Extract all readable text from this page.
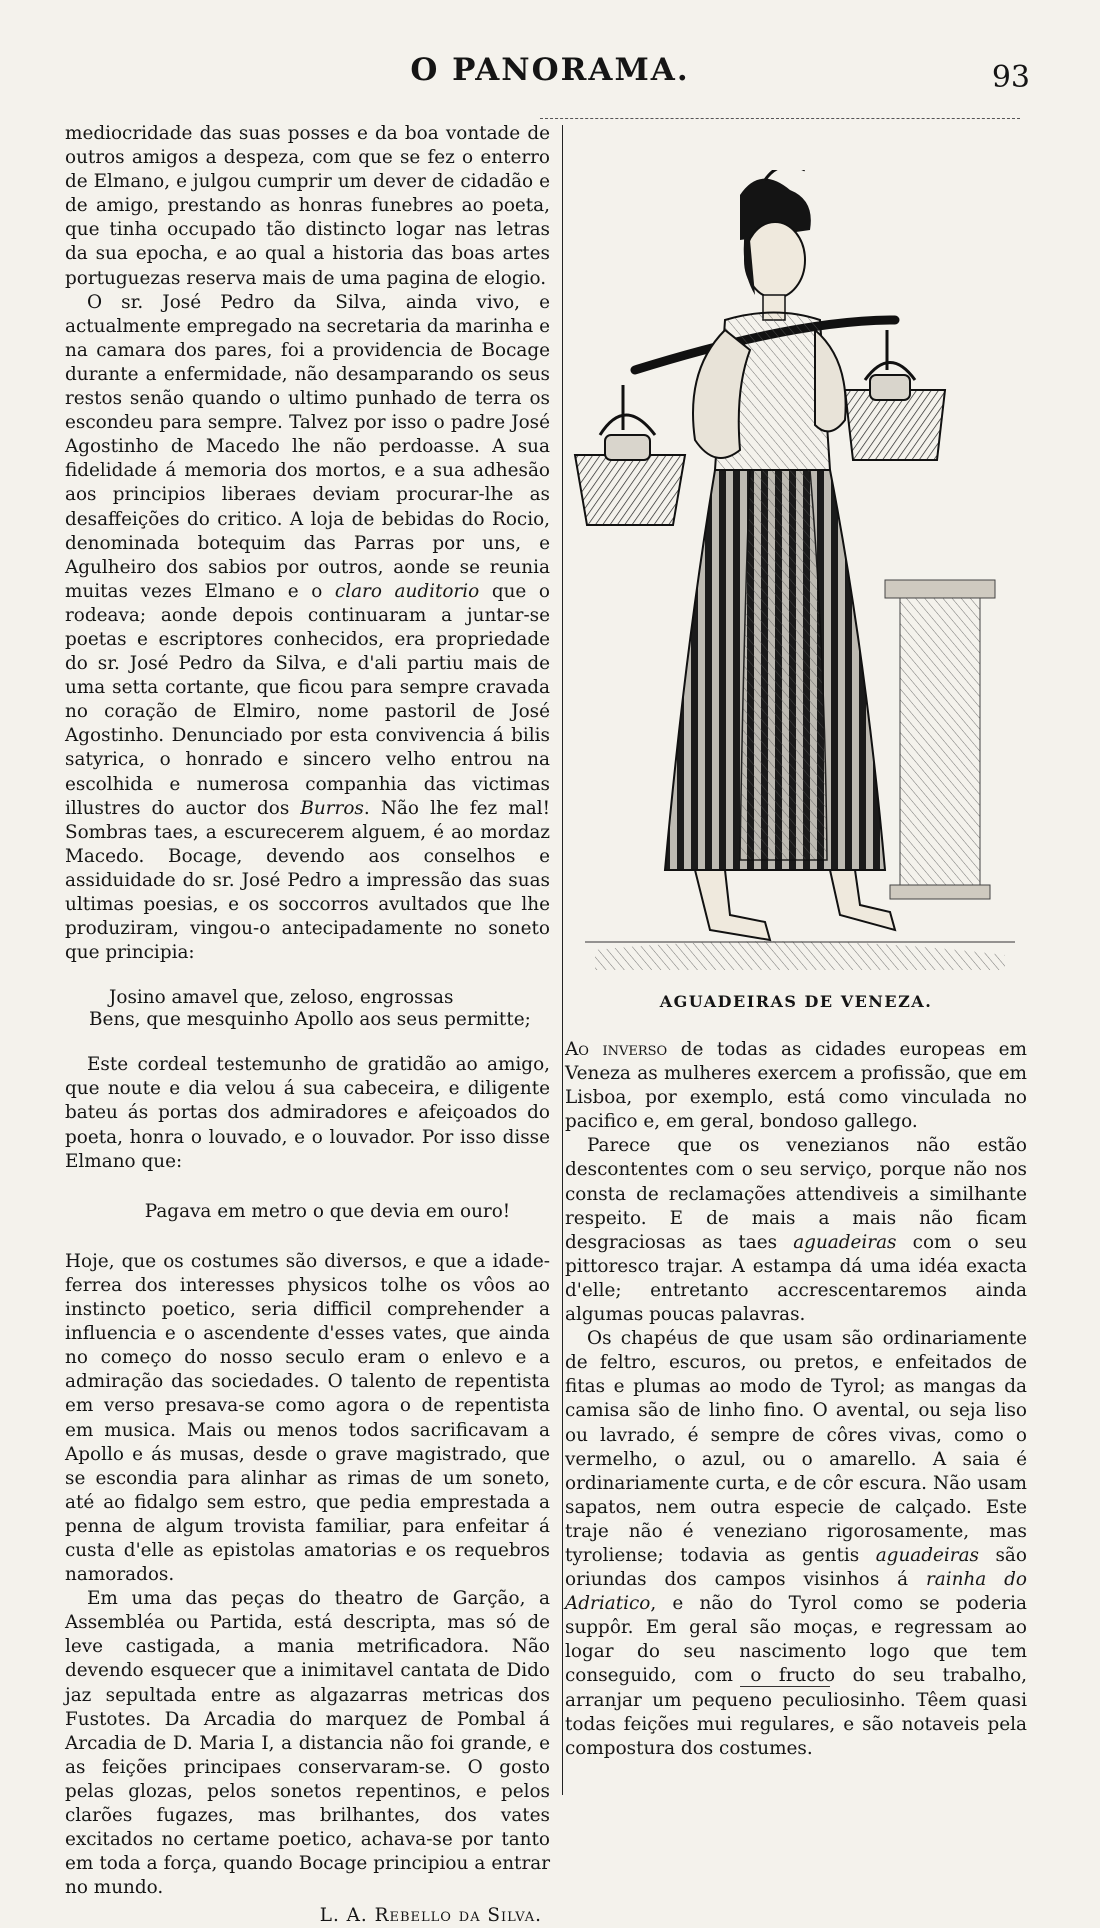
O PANORAMA.	93

mediocridade das suas posses e da boa vontade de outros amigos a despeza, com que se fez o enterro de Elmano, e julgou cumprir um dever de cidadão e de amigo, prestando as honras funebres ao poeta, que tinha occupado tão distincto logar nas letras da sua epocha, e ao qual a historia das boas artes portuguezas reserva mais de uma pagina de elogio.

O sr. José Pedro da Silva, ainda vivo, e actualmente empregado na secretaria da marinha e na camara dos pares, foi a providencia de Bocage durante a enfermidade, não desamparando os seus restos senão quando o ultimo punhado de terra os escondeu para sempre. Talvez por isso o padre José Agostinho de Macedo lhe não perdoasse. A sua fidelidade á memoria dos mortos, e a sua adhesão aos principios liberaes deviam procurar-lhe as desaffeições do critico. A loja de bebidas do Rocio, denominada botequim das Parras por uns, e Agulheiro dos sabios por outros, aonde se reunia muitas vezes Elmano e o claro auditorio que o rodeava; aonde depois continuaram a juntar-se poetas e escriptores conhecidos, era propriedade do sr. José Pedro da Silva, e d'ali partiu mais de uma setta cortante, que ficou para sempre cravada no coração de Elmiro, nome pastoril de José Agostinho. Denunciado por esta convivencia á bilis satyrica, o honrado e sincero velho entrou na escolhida e numerosa companhia das victimas illustres do auctor dos Burros. Não lhe fez mal! Sombras taes, a escurecerem alguem, é ao mordaz Macedo. Bocage, devendo aos conselhos e assiduidade do sr. José Pedro a impressão das suas ultimas poesias, e os soccorros avultados que lhe produziram, vingou-o antecipadamente no soneto que principia:

Josino amavel que, zeloso, engrossas
Bens, que mesquinho Apollo aos seus permitte;

Este cordeal testemunho de gratidão ao amigo, que noute e dia velou á sua cabeceira, e diligente bateu ás portas dos admiradores e afeiçoados do poeta, honra o louvado, e o louvador. Por isso disse Elmano que:

Pagava em metro o que devia em ouro!

Hoje, que os costumes são diversos, e que a idade-ferrea dos interesses physicos tolhe os vôos ao instincto poetico, seria difficil comprehender a influencia e o ascendente d'esses vates, que ainda no começo do nosso seculo eram o enlevo e a admiração das sociedades. O talento de repentista em verso presava-se como agora o de repentista em musica. Mais ou menos todos sacrificavam a Apollo e ás musas, desde o grave magistrado, que se escondia para alinhar as rimas de um soneto, até ao fidalgo sem estro, que pedia emprestada a penna de algum trovista familiar, para enfeitar á custa d'elle as epistolas amatorias e os requebros namorados.

Em uma das peças do theatro de Garção, a Assembléa ou Partida, está descripta, mas só de leve castigada, a mania metrificadora. Não devendo esquecer que a inimitavel cantata de Dido jaz sepultada entre as algazarras metricas dos Fustotes. Da Arcadia do marquez de Pombal á Arcadia de D. Maria I, a distancia não foi grande, e as feições principaes conservaram-se. O gosto pelas glozas, pelos sonetos repentinos, e pelos clarões fugazes, mas brilhantes, dos vates excitados no certame poetico, achava-se por tanto em toda a força, quando Bocage principiou a entrar no mundo.

L. A. Rebello da Silva.
AGUADEIRAS DE VENEZA.

Ao inverso de todas as cidades europeas em Veneza as mulheres exercem a profissão, que em Lisboa, por exemplo, está como vinculada no pacifico e, em geral, bondoso gallego.

Parece que os venezianos não estão descontentes com o seu serviço, porque não nos consta de reclamações attendiveis a similhante respeito. E de mais a mais não ficam desgraciosas as taes aguadeiras com o seu pittoresco trajar. A estampa dá uma idéa exacta d'elle; entretanto accrescentaremos ainda algumas poucas palavras.

Os chapéus de que usam são ordinariamente de feltro, escuros, ou pretos, e enfeitados de fitas e plumas ao modo de Tyrol; as mangas da camisa são de linho fino. O avental, ou seja liso ou lavrado, é sempre de côres vivas, como o vermelho, o azul, ou o amarello. A saia é ordinariamente curta, e de côr escura. Não usam sapatos, nem outra especie de calçado. Este traje não é veneziano rigorosamente, mas tyroliense; todavia as gentis aguadeiras são oriundas dos campos visinhos á rainha do Adriatico, e não do Tyrol como se poderia suppôr. Em geral são moças, e regressam ao logar do seu nascimento logo que tem conseguido, com o fructo do seu trabalho, arranjar um pequeno peculiosinho. Têem quasi todas feições mui regulares, e são notaveis pela compostura dos costumes.
